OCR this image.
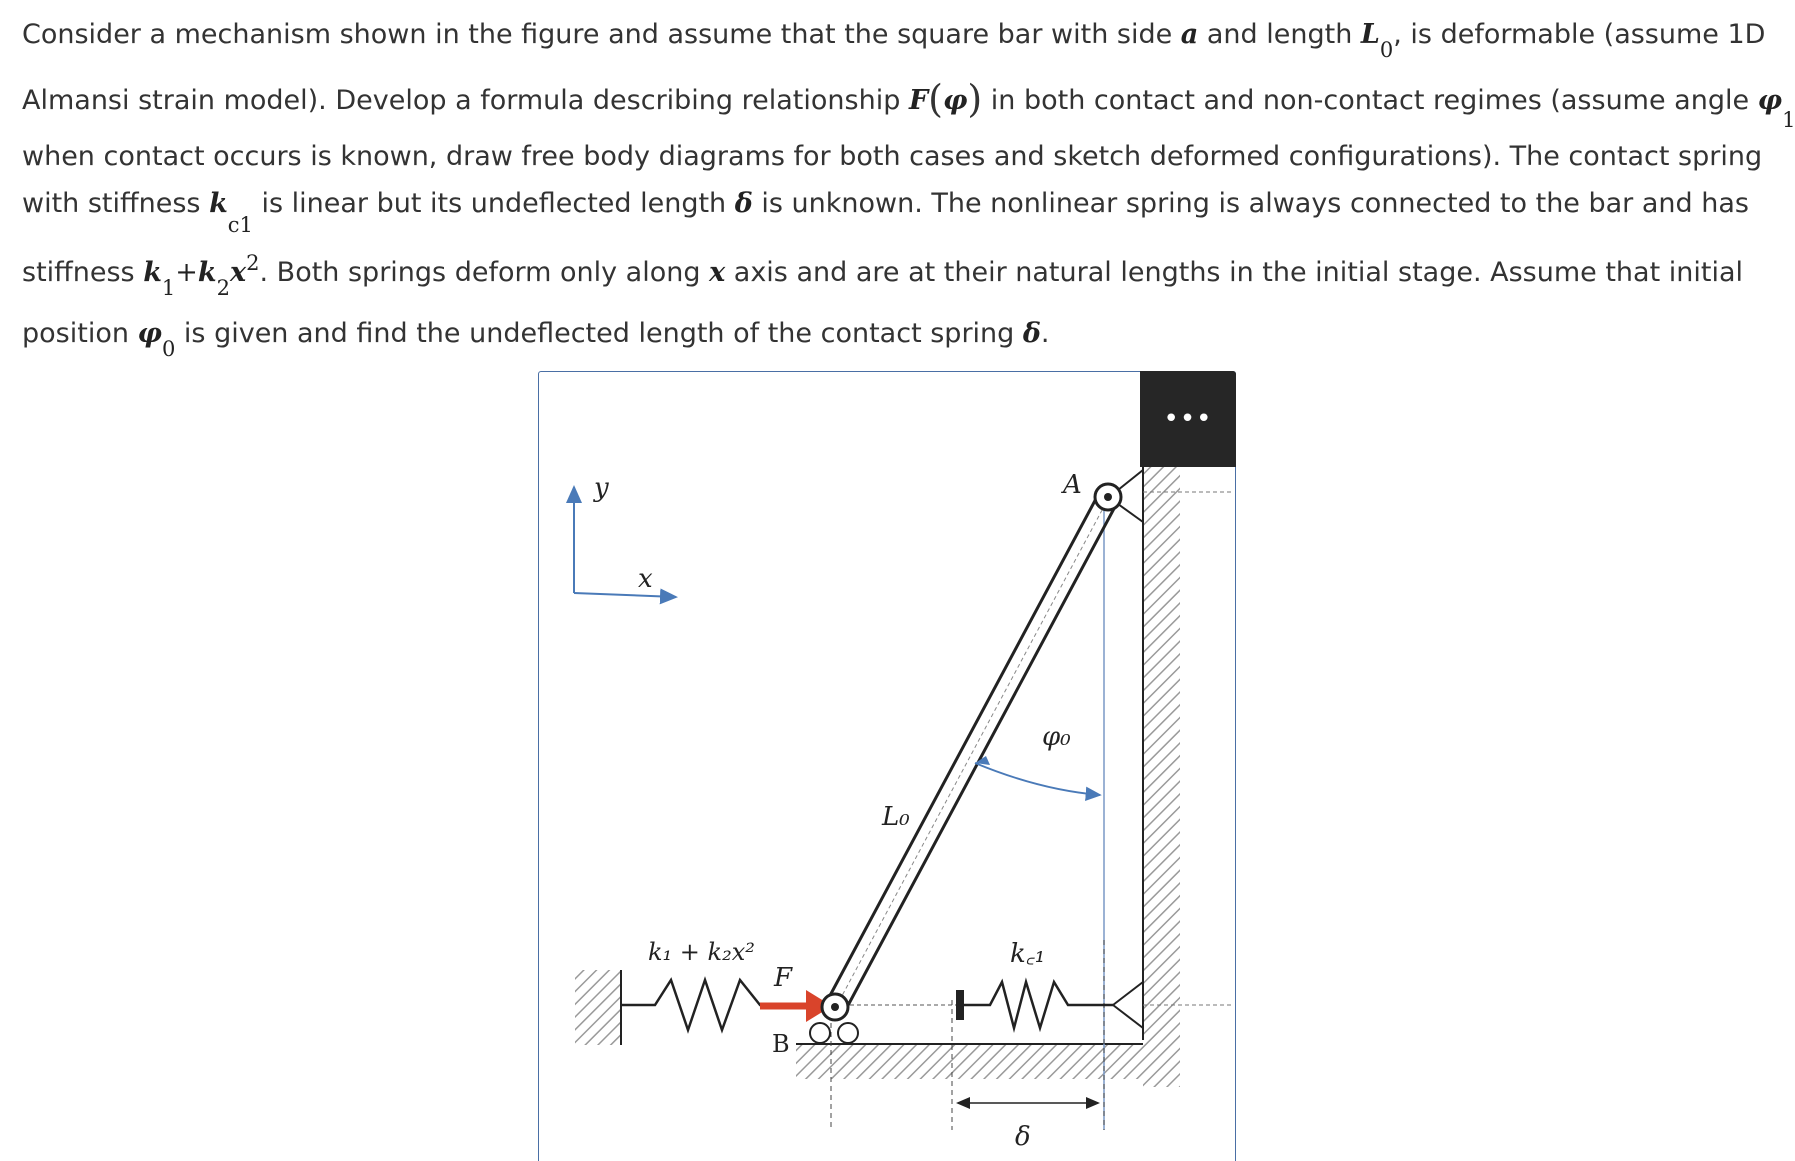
Consider a mechanism shown in the figure and assume that the square bar with side a and length $L_0$, is deformable (assume 1D
Almansi strain model). Develop a formula describing relationship F(φ) in both contact and non-contact regimes (assume angle $\varphi_1$
when contact occurs is known, draw free body diagrams for both cases and sketch deformed configurations). The contact spring
with stiffness $k_{c1}$ is linear but its undeflected length δ is unknown. The nonlinear spring is always connected to the bar and has
stiffness $k_1+k_2x^2$. Both springs deform only along x axis and are at their natural lengths in the initial stage. Assume that initial
position $\varphi_0$ is given and find the undeflected length of the contact spring δ.
y
x
A
φ₀
L₀
k₁ + k₂x²
F
B
k꜀₁
δ
•••
